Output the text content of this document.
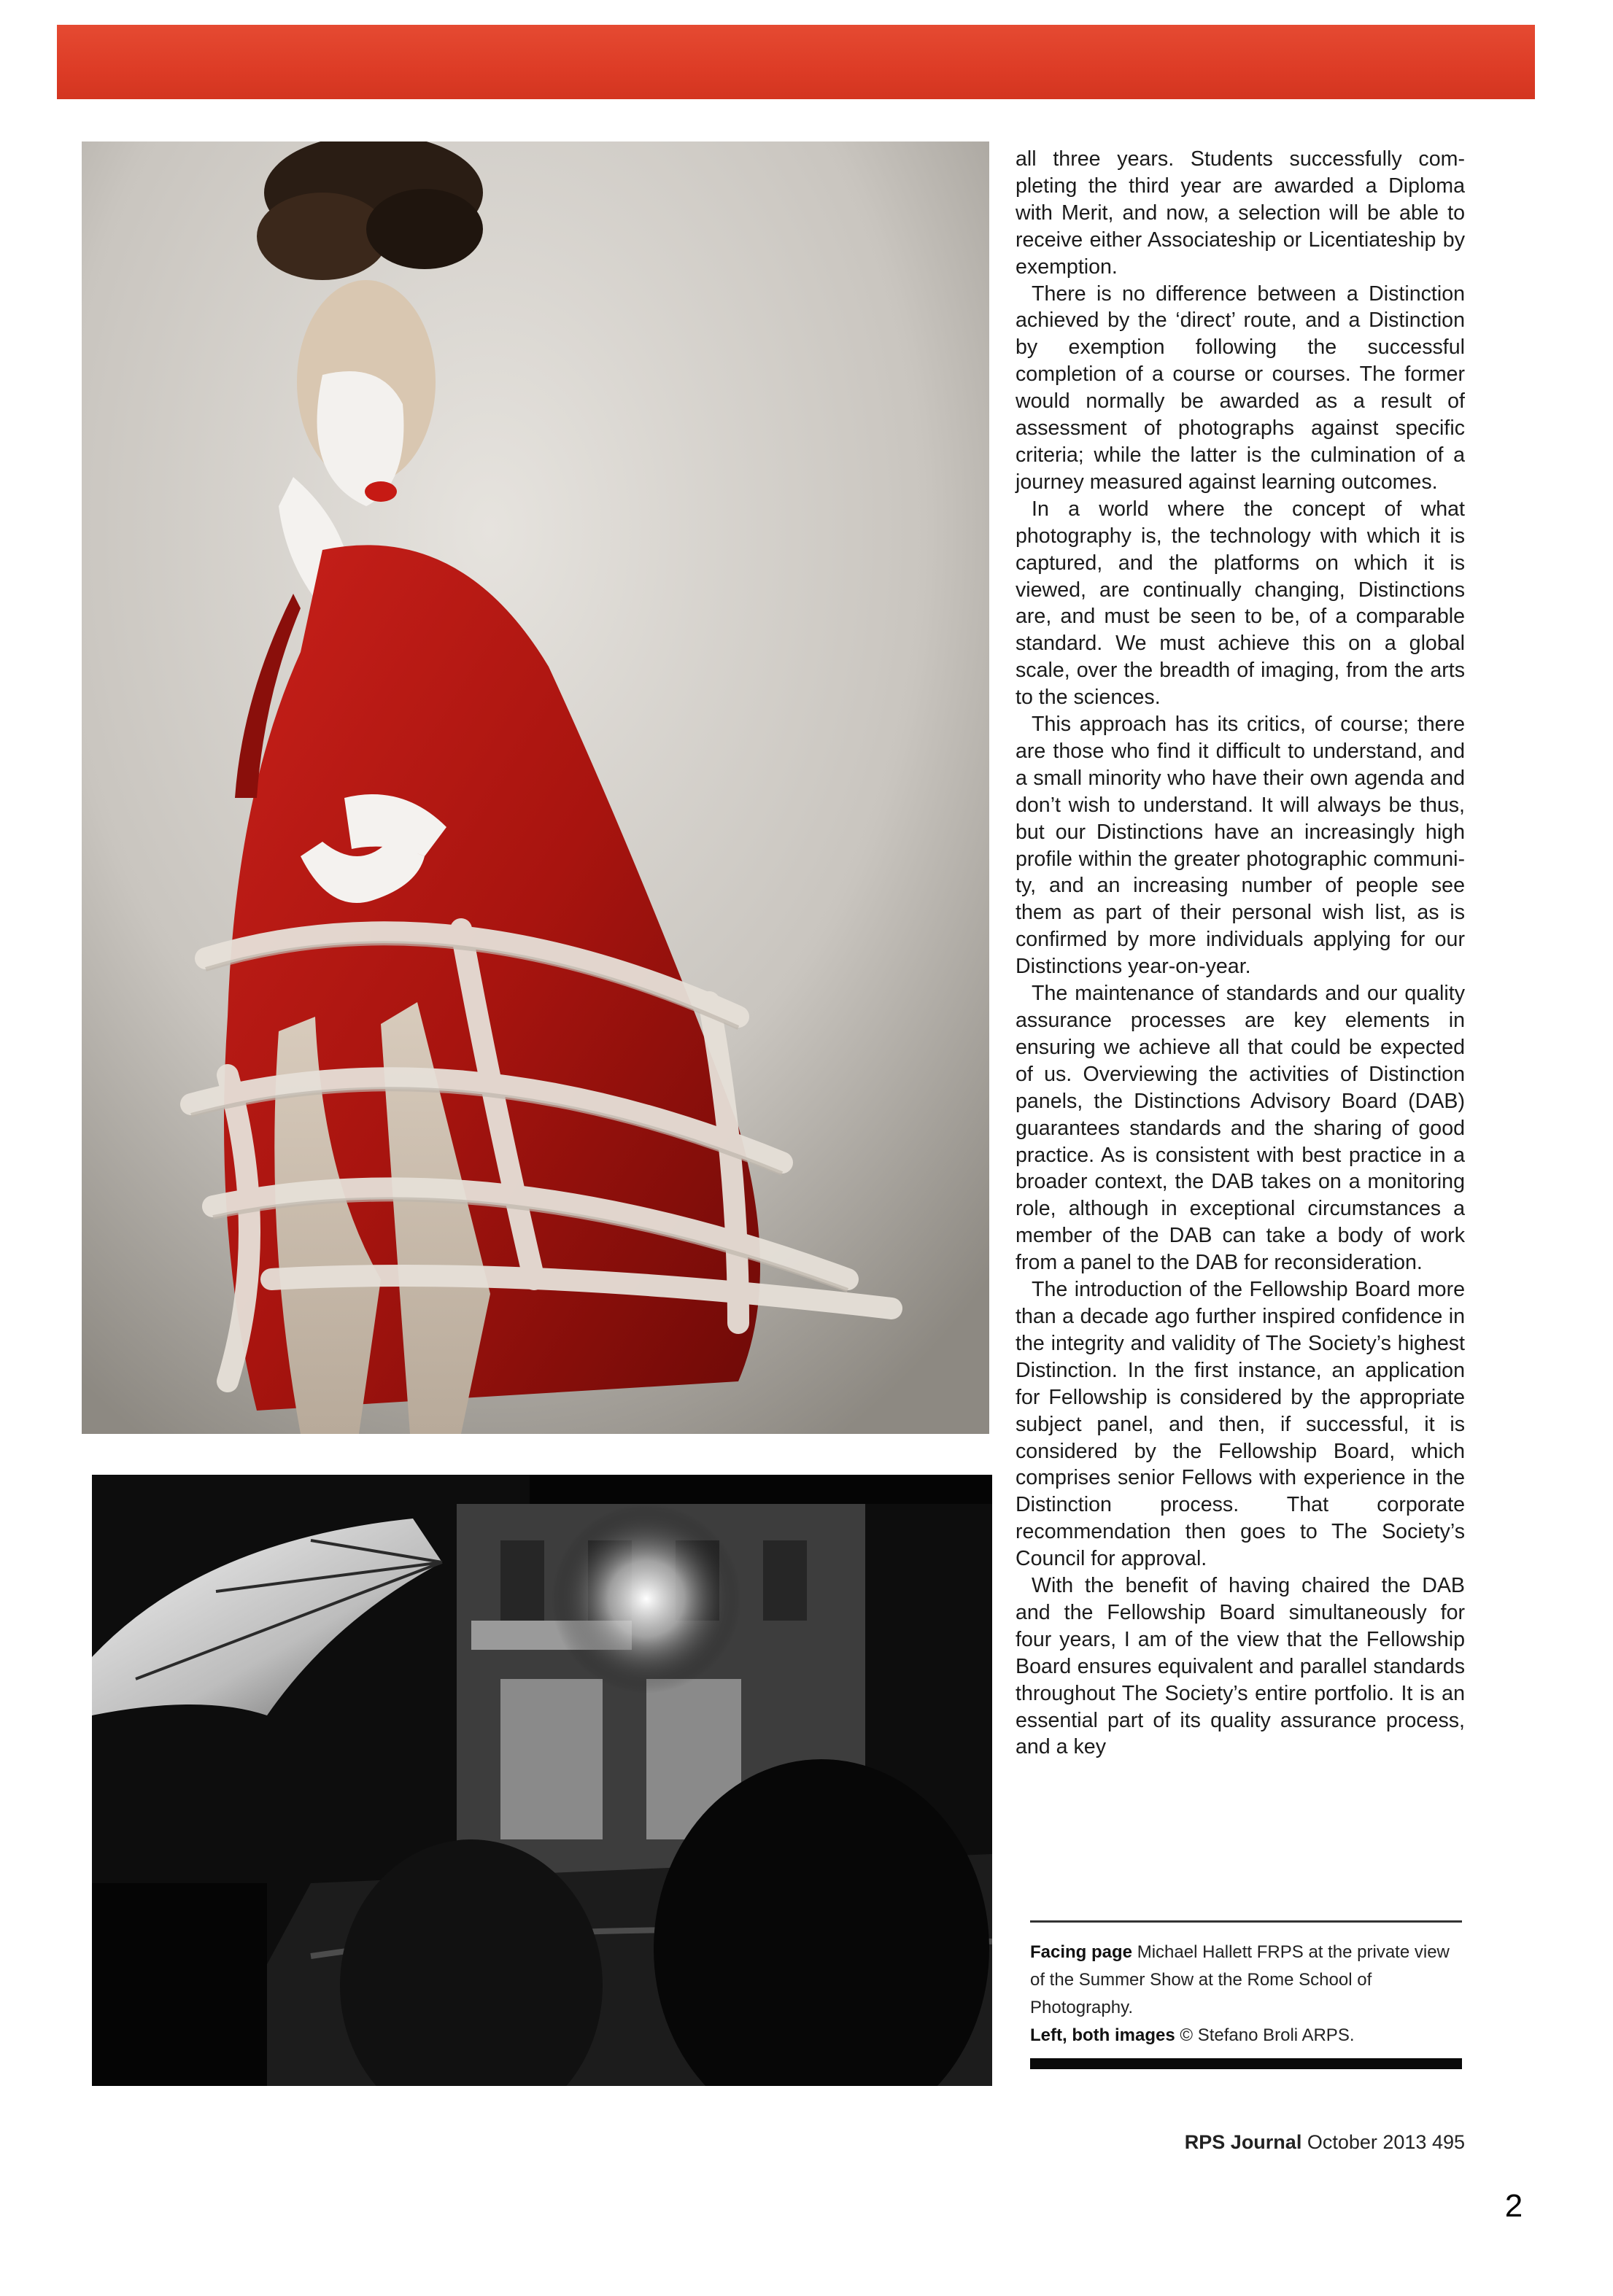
all three years. Students successfully completing the third year are awarded a Diploma with Merit, and now, a selection will be able to receive either Associateship or Licentiateship by exemption.

There is no difference between a Distinction achieved by the ‘direct’ route, and a Distinction by exemption following the successful completion of a course or courses. The former would normally be awarded as a result of assessment of photographs against specific criteria; while the latter is the culmination of a journey measured against learning outcomes.

In a world where the concept of what photography is, the technology with which it is captured, and the platforms on which it is viewed, are continually changing, Distinctions are, and must be seen to be, of a comparable standard. We must achieve this on a global scale, over the breadth of imaging, from the arts to the sciences.

This approach has its critics, of course; there are those who find it difficult to understand, and a small minority who have their own agenda and don’t wish to understand. It will always be thus, but our Distinctions have an increasingly high profile within the greater photographic community, and an increasing number of people see them as part of their personal wish list, as is confirmed by more individuals applying for our Distinctions year-on-year.

The maintenance of standards and our quality assurance processes are key elements in ensuring we achieve all that could be expected of us. Overviewing the activities of Distinction panels, the Distinctions Advisory Board (DAB) guarantees standards and the sharing of good practice. As is consistent with best practice in a broader context, the DAB takes on a monitoring role, although in exceptional circumstances a member of the DAB can take a body of work from a panel to the DAB for reconsideration.

The introduction of the Fellowship Board more than a decade ago further inspired confidence in the integrity and validity of The Society’s highest Distinction. In the first instance, an application for Fellowship is considered by the appropriate subject panel, and then, if successful, it is considered by the Fellowship Board, which comprises senior Fellows with experience in the Distinction process. That corporate recommendation then goes to The Society’s Council for approval.

With the benefit of having chaired the DAB and the Fellowship Board simultaneously for four years, I am of the view that the Fellowship Board ensures equivalent and parallel standards throughout The Society’s entire portfolio. It is an essential part of its quality assurance process, and a key

Facing page Michael Hallett FRPS at the private view of the Summer Show at the Rome School of Photography.
Left, both images © Stefano Broli ARPS.
RPS Journal October 2013 495
2
